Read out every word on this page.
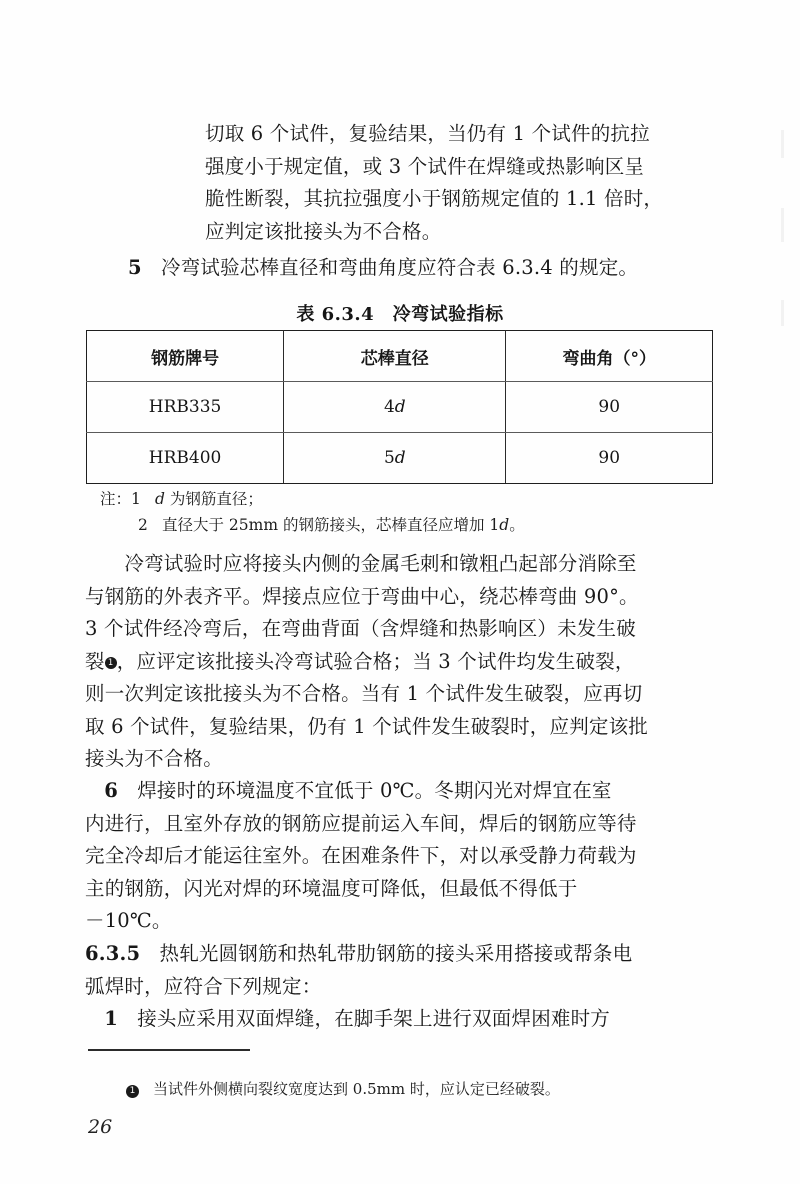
切取 6 个试件，复验结果，当仍有 1 个试件的抗拉
强度小于规定值，或 3 个试件在焊缝或热影响区呈
脆性断裂，其抗拉强度小于钢筋规定值的 1.1 倍时，
应判定该批接头为不合格。
5 冷弯试验芯棒直径和弯曲角度应符合表 6.3.4 的规定。
表 6.3.4　冷弯试验指标
钢筋牌号	芯棒直径	弯曲角（°）
HRB335	4d	90
HRB400	5d	90
注：1 d 为钢筋直径；
2 直径大于 25mm 的钢筋接头，芯棒直径应增加 1d。
　　冷弯试验时应将接头内侧的金属毛刺和镦粗凸起部分消除至
与钢筋的外表齐平。焊接点应位于弯曲中心，绕芯棒弯曲 90°。
3 个试件经冷弯后，在弯曲背面（含焊缝和热影响区）未发生破
裂 1 ，应评定该批接头冷弯试验合格；当 3 个试件均发生破裂，
则一次判定该批接头为不合格。当有 1 个试件发生破裂，应再切
取 6 个试件，复验结果，仍有 1 个试件发生破裂时，应判定该批
接头为不合格。
6 焊接时的环境温度不宜低于 0℃。冬期闪光对焊宜在室
内进行，且室外存放的钢筋应提前运入车间，焊后的钢筋应等待
完全冷却后才能运往室外。在困难条件下，对以承受静力荷载为
主的钢筋，闪光对焊的环境温度可降低，但最低不得低于
－10℃。
6.3.5 热轧光圆钢筋和热轧带肋钢筋的接头采用搭接或帮条电
弧焊时，应符合下列规定：
1 接头应采用双面焊缝，在脚手架上进行双面焊困难时方
1 当试件外侧横向裂纹宽度达到 0.5mm 时，应认定已经破裂。
26
